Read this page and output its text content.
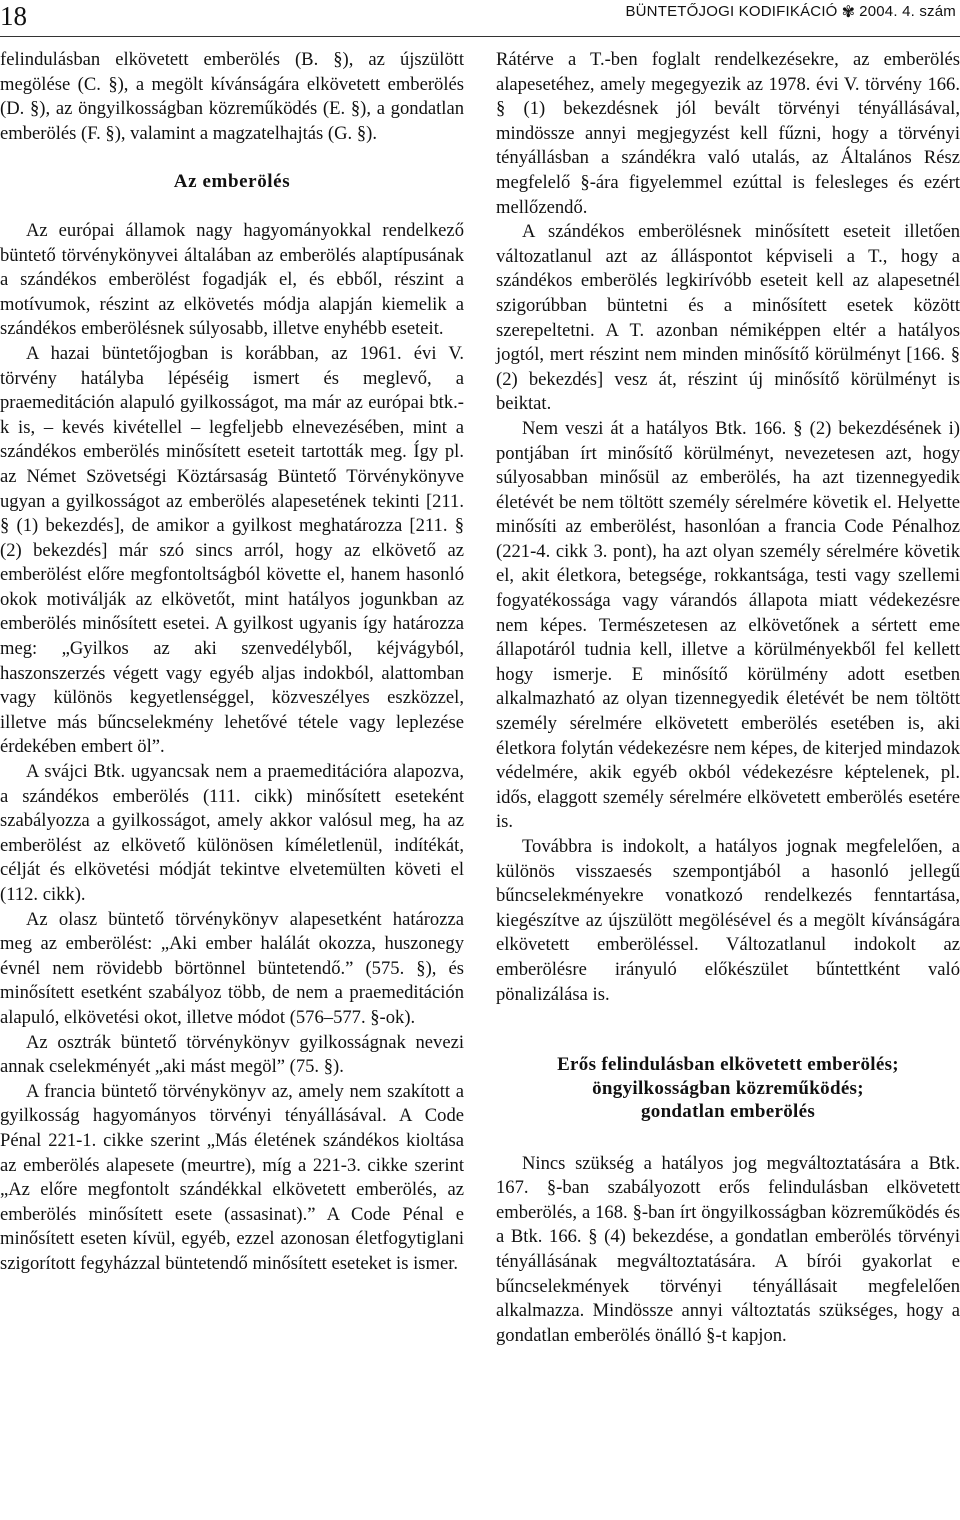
18	BÜNTETŐJOGI KODIFIKÁCIÓ ✾ 2004. 4. szám

felindulásban elkövetett emberölés (B. §), az újszülött megölése (C. §), a megölt kívánságára elkövetett emberölés (D. §), az öngyilkosságban közreműködés (E. §), a gondatlan emberölés (F. §), valamint a magzatelhajtás (G. §).

Az emberölés

Az európai államok nagy hagyományokkal rendelkező büntető törvénykönyvei általában az emberölés alaptípusának a szándékos emberölést fogadják el, és ebből, részint a motívumok, részint az elkövetés módja alapján kiemelik a szándékos emberölésnek súlyosabb, illetve enyhébb eseteit.

A hazai büntetőjogban is korábban, az 1961. évi V. törvény hatályba lépéséig ismert és meglevő, a praemeditáción alapuló gyilkosságot, ma már az európai btk.-k is, – kevés kivétellel – legfeljebb elnevezésében, mint a szándékos emberölés minősített eseteit tartották meg. Így pl. az Német Szövetségi Köztársaság Büntető Törvénykönyve ugyan a gyilkosságot az emberölés alapesetének tekinti [211. § (1) bekezdés], de amikor a gyilkost meghatározza [211. § (2) bekezdés] már szó sincs arról, hogy az elkövető az emberölést előre megfontoltságból követte el, hanem hasonló okok motiválják az elkövetőt, mint hatályos jogunkban az emberölés minősített esetei. A gyilkost ugyanis így határozza meg: „Gyilkos az aki szenvedélyből, kéjvágyból, haszonszerzés végett vagy egyéb aljas indokból, alattomban vagy különös kegyetlenséggel, közveszélyes eszközzel, illetve más bűncselekmény lehetővé tétele vagy leplezése érdekében embert öl”.

A svájci Btk. ugyancsak nem a praemeditációra alapozva, a szándékos emberölés (111. cikk) minősített eseteként szabályozza a gyilkosságot, amely akkor valósul meg, ha az emberölést az elkövető különösen kíméletlenül, indítékát, célját és elkövetési módját tekintve elvetemülten követi el (112. cikk).

Az olasz büntető törvénykönyv alapesetként határozza meg az emberölést: „Aki ember halálát okozza, huszonegy évnél nem rövidebb börtönnel büntetendő.” (575. §), és minősített esetként szabályoz több, de nem a praemeditáción alapuló, elkövetési okot, illetve módot (576–577. §-ok).

Az osztrák büntető törvénykönyv gyilkosságnak nevezi annak cselekményét „aki mást megöl” (75. §).

A francia büntető törvénykönyv az, amely nem szakított a gyilkosság hagyományos törvényi tényállásával. A Code Pénal 221-1. cikke szerint „Más életének szándékos kioltása az emberölés alapesete (meurtre), míg a 221-3. cikke szerint „Az előre megfontolt szándékkal elkövetett emberölés, az emberölés minősített esete (assasinat).” A Code Pénal e minősített eseten kívül, egyéb, ezzel azonosan életfogytiglani szigorított fegyházzal büntetendő minősített eseteket is ismer.

Rátérve a T.-ben foglalt rendelkezésekre, az emberölés alapesetéhez, amely megegyezik az 1978. évi V. törvény 166. § (1) bekezdésnek jól bevált törvényi tényállásával, mindössze annyi megjegyzést kell fűzni, hogy a törvényi tényállásban a szándékra való utalás, az Általános Rész megfelelő §-ára figyelemmel ezúttal is felesleges és ezért mellőzendő.

A szándékos emberölésnek minősített eseteit illetően változatlanul azt az álláspontot képviseli a T., hogy a szándékos emberölés legkirívóbb eseteit kell az alapesetnél szigorúbban büntetni és a minősített esetek között szerepeltetni. A T. azonban némiképpen eltér a hatályos jogtól, mert részint nem minden minősítő körülményt [166. § (2) bekezdés] vesz át, részint új minősítő körülményt is beiktat.

Nem veszi át a hatályos Btk. 166. § (2) bekezdésének i) pontjában írt minősítő körülményt, nevezetesen azt, hogy súlyosabban minősül az emberölés, ha azt tizennegyedik életévét be nem töltött személy sérelmére követik el. Helyette minősíti az emberölést, hasonlóan a francia Code Pénalhoz (221-4. cikk 3. pont), ha azt olyan személy sérelmére követik el, akit életkora, betegsége, rokkantsága, testi vagy szellemi fogyatékossága vagy várandós állapota miatt védekezésre nem képes. Természetesen az elkövetőnek a sértett eme állapotáról tudnia kell, illetve a körülményekből fel kellett hogy ismerje. E minősítő körülmény adott esetben alkalmazható az olyan tizennegyedik életévét be nem töltött személy sérelmére elkövetett emberölés esetében is, aki életkora folytán védekezésre nem képes, de kiterjed mindazok védelmére, akik egyéb okból védekezésre képtelenek, pl. idős, elaggott személy sérelmére elkövetett emberölés esetére is.

Továbbra is indokolt, a hatályos jognak megfelelően, a különös visszaesés szempontjából a hasonló jellegű bűncselekményekre vonatkozó rendelkezés fenntartása, kiegészítve az újszülött megölésével és a megölt kívánságára elkövetett emberöléssel. Változatlanul indokolt az emberölésre irányuló előkészület bűntettként való pönalizálása is.

Erős felindulásban elkövetett emberölés;
öngyilkosságban közreműködés;
gondatlan emberölés

Nincs szükség a hatályos jog megváltoztatására a Btk. 167. §-ban szabályozott erős felindulásban elkövetett emberölés, a 168. §-ban írt öngyilkosságban közreműködés és a Btk. 166. § (4) bekezdése, a gondatlan emberölés törvényi tényállásának megváltoztatására. A bírói gyakorlat e bűncselekmények törvényi tényállásait megfelelően alkalmazza. Mindössze annyi változtatás szükséges, hogy a gondatlan emberölés önálló §-t kapjon.
